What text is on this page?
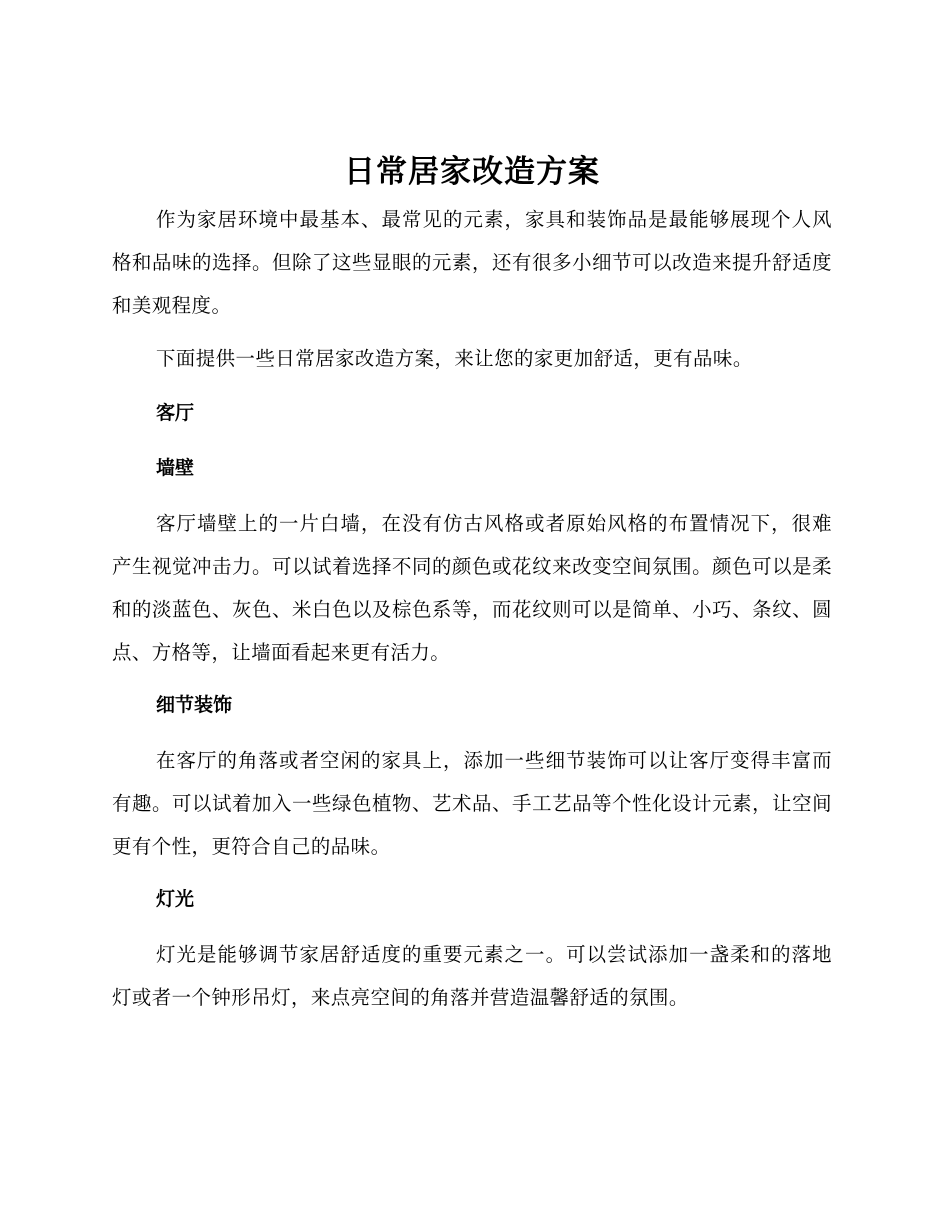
日常居家改造方案

作为家居环境中最基本、最常见的元素，家具和装饰品是最能够展现个人风格和品味的选择。但除了这些显眼的元素，还有很多小细节可以改造来提升舒适度和美观程度。

下面提供一些日常居家改造方案，来让您的家更加舒适，更有品味。

客厅
墙壁

客厅墙壁上的一片白墙，在没有仿古风格或者原始风格的布置情况下，很难产生视觉冲击力。可以试着选择不同的颜色或花纹来改变空间氛围。颜色可以是柔和的淡蓝色、灰色、米白色以及棕色系等，而花纹则可以是简单、小巧、条纹、圆点、方格等，让墙面看起来更有活力。

细节装饰

在客厅的角落或者空闲的家具上，添加一些细节装饰可以让客厅变得丰富而有趣。可以试着加入一些绿色植物、艺术品、手工艺品等个性化设计元素，让空间更有个性，更符合自己的品味。

灯光

灯光是能够调节家居舒适度的重要元素之一。可以尝试添加一盏柔和的落地灯或者一个钟形吊灯，来点亮空间的角落并营造温馨舒适的氛围。
